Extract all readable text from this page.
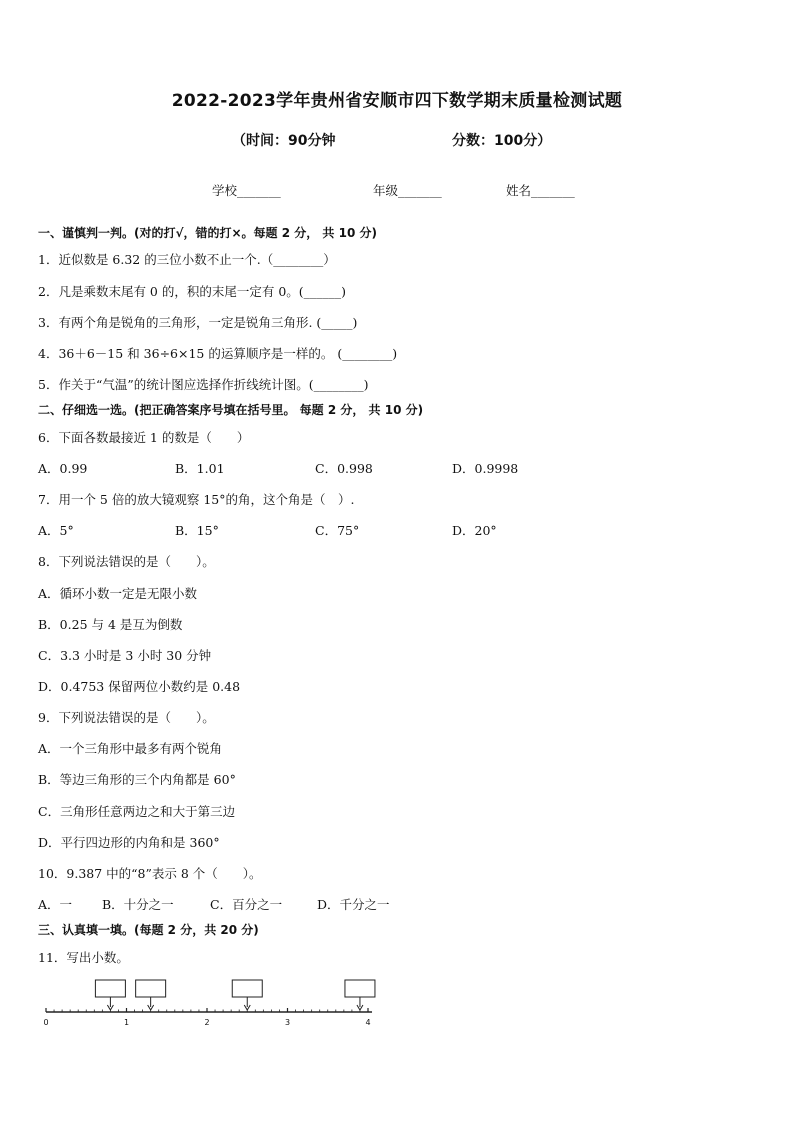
2022-2023学年贵州省安顺市四下数学期末质量检测试题
（时间：90分钟	分数：100分）
学校_______	年级_______	姓名_______
一、谨慎判一判。(对的打√，错的打×。每题 2 分， 共 10 分)
1．近似数是 6.32 的三位小数不止一个.（________）
2．凡是乘数末尾有 0 的，积的末尾一定有 0。(______)
3．有两个角是锐角的三角形，一定是锐角三角形. (_____)
4．36＋6－15 和 36÷6×15 的运算顺序是一样的。 (________)
5．作关于“气温”的统计图应选择作折线统计图。(________)
二、仔细选一选。(把正确答案序号填在括号里。 每题 2 分， 共 10 分)
6．下面各数最接近 1 的数是（　　）
A．0.99	B．1.01	C．0.998	D．0.9998
7．用一个 5 倍的放大镜观察 15°的角，这个角是（　）.
A．5°	B．15°	C．75°	D．20°
8．下列说法错误的是（　　）。
A．循环小数一定是无限小数
B．0.25 与 4 是互为倒数
C．3.3 小时是 3 小时 30 分钟
D．0.4753 保留两位小数约是 0.48
9．下列说法错误的是（　　）。
A．一个三角形中最多有两个锐角
B．等边三角形的三个内角都是 60°
C．三角形任意两边之和大于第三边
D．平行四边形的内角和是 360°
10．9.387 中的“8”表示 8 个（　　）。
A．一 B．十分之一	C．百分之一	D．千分之一
三、认真填一填。(每题 2 分，共 20 分)
11．写出小数。
0	1	2	3	4
